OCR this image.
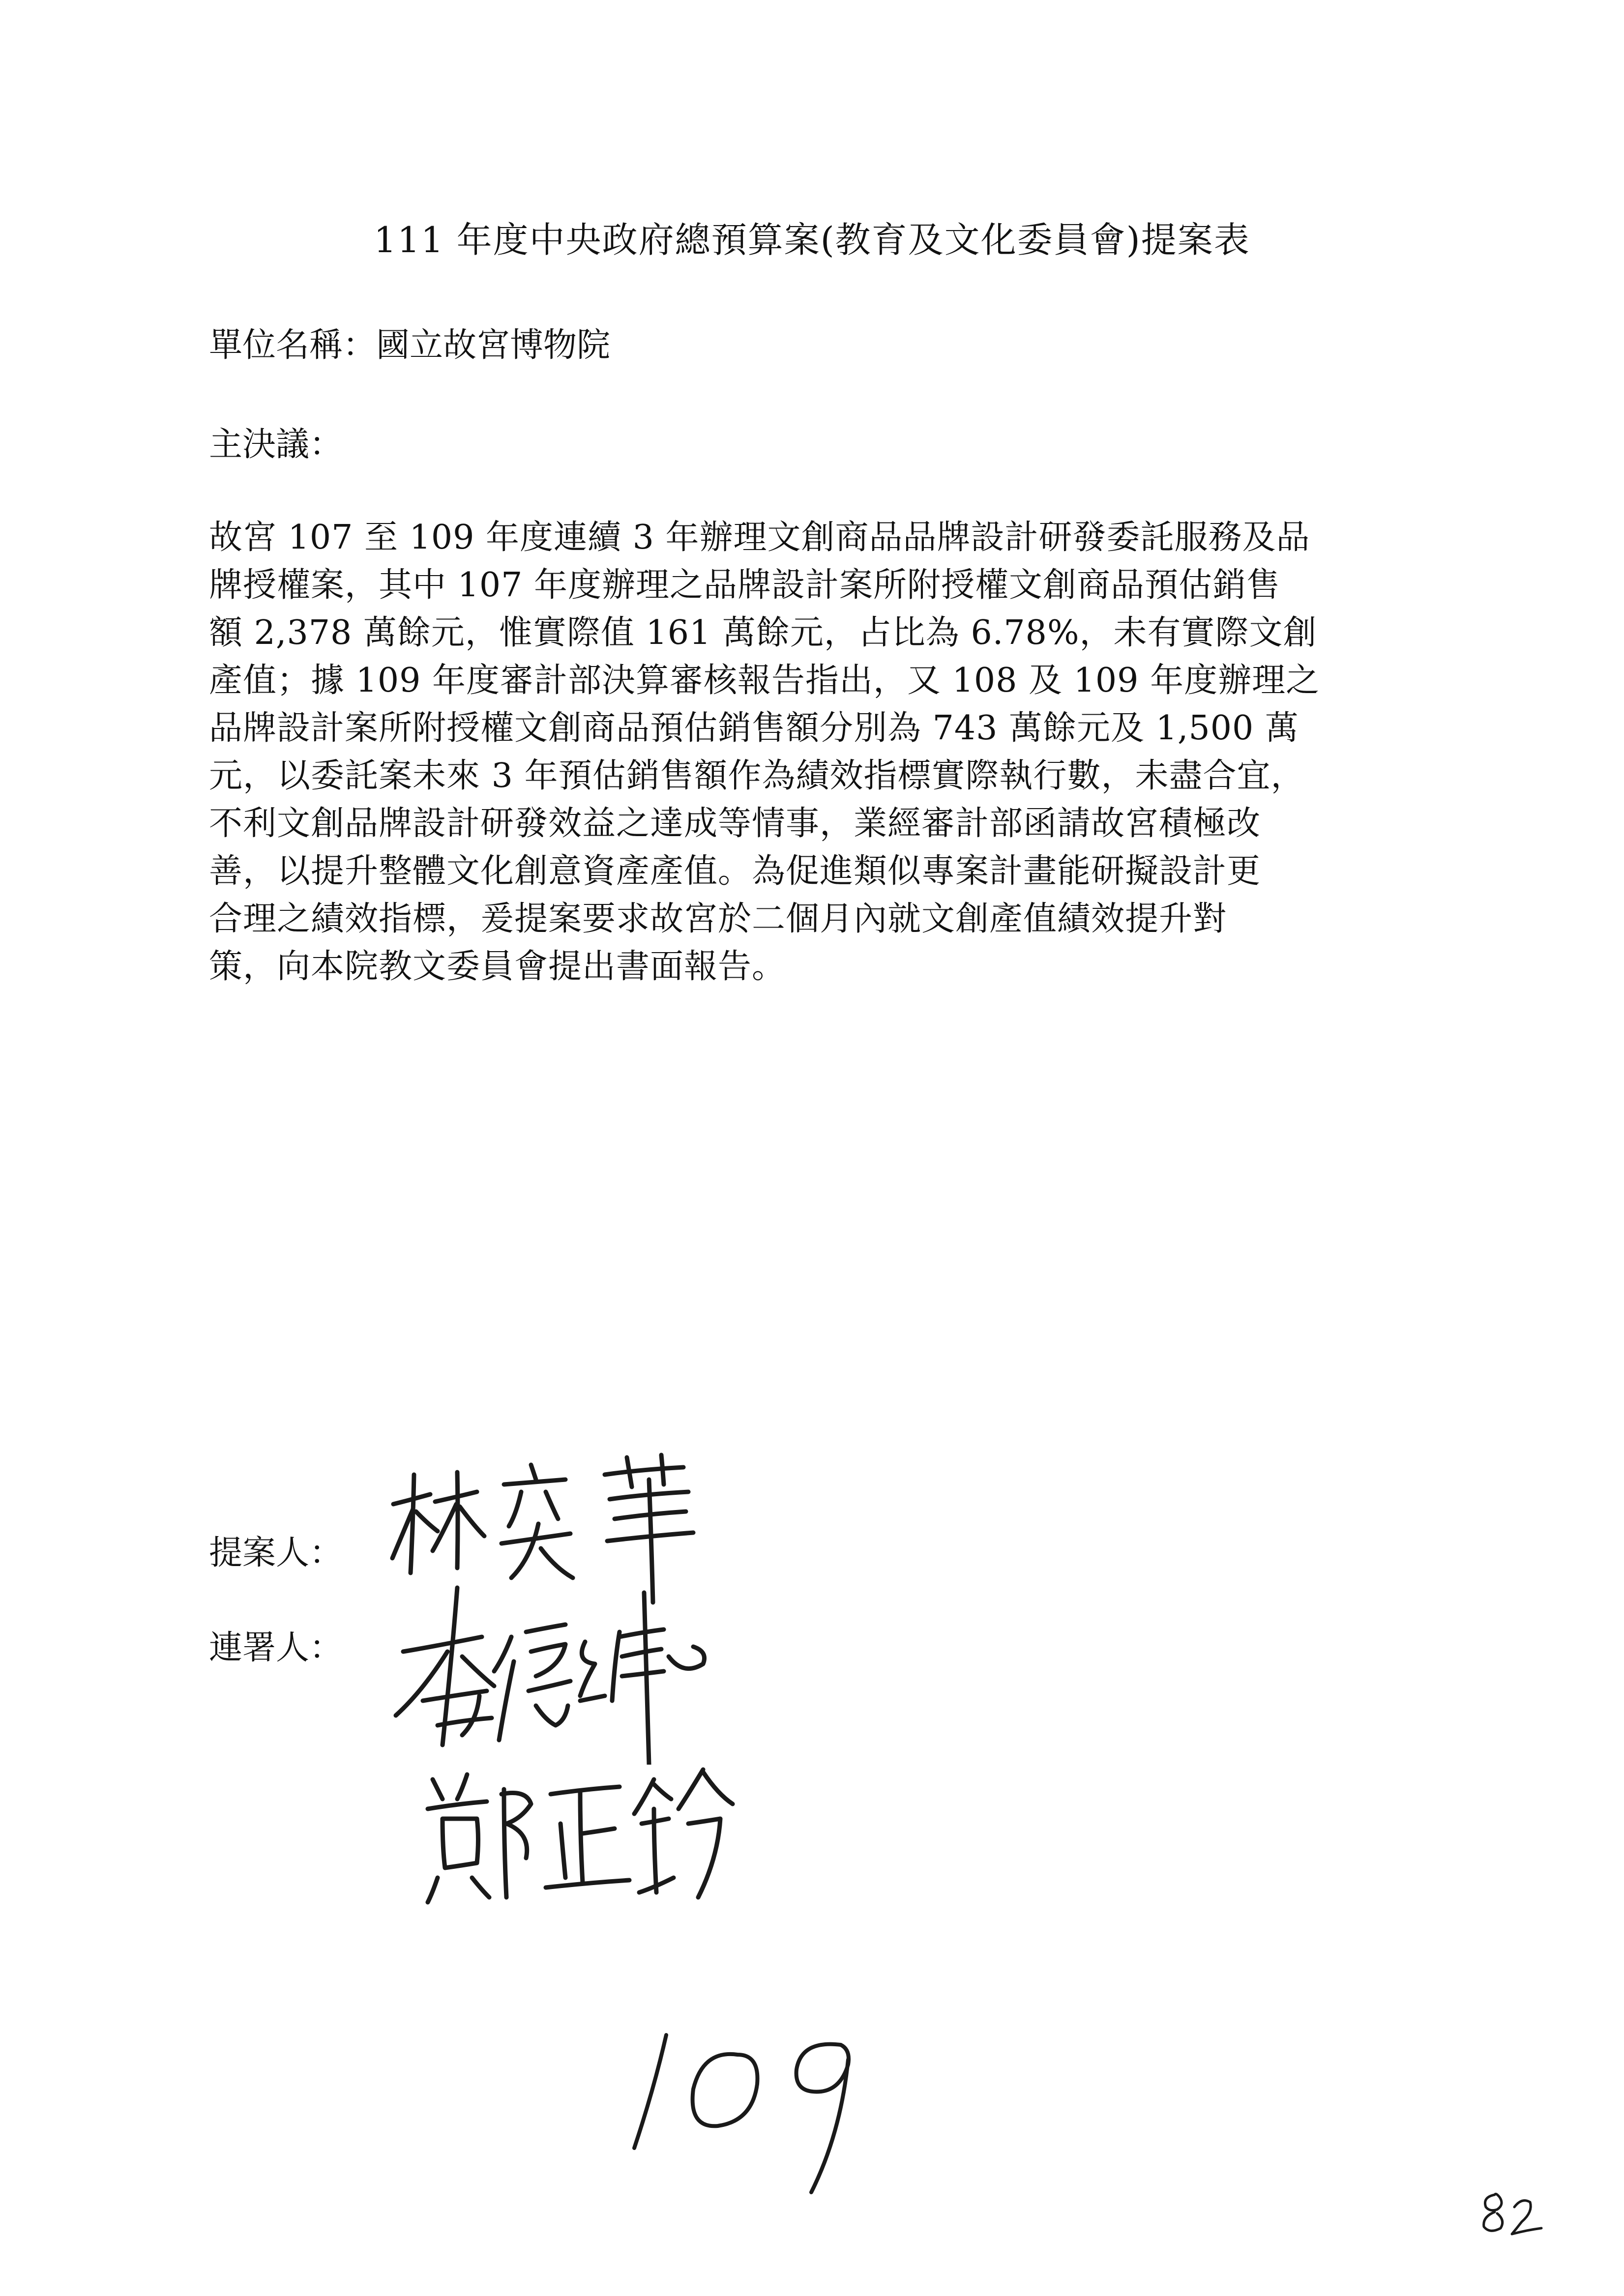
111 年度中央政府總預算案(教育及文化委員會)提案表
單位名稱：國立故宮博物院
主決議：
故宮 107 至 109 年度連續 3 年辦理文創商品品牌設計研發委託服務及品
牌授權案，其中 107 年度辦理之品牌設計案所附授權文創商品預估銷售
額 2,378 萬餘元，惟實際值 161 萬餘元，占比為 6.78%，未有實際文創
產值；據 109 年度審計部決算審核報告指出，又 108 及 109 年度辦理之
品牌設計案所附授權文創商品預估銷售額分別為 743 萬餘元及 1,500 萬
元，以委託案未來 3 年預估銷售額作為績效指標實際執行數，未盡合宜，
不利文創品牌設計研發效益之達成等情事，業經審計部函請故宮積極改
善，以提升整體文化創意資產產值。為促進類似專案計畫能研擬設計更
合理之績效指標，爰提案要求故宮於二個月內就文創產值績效提升對
策，向本院教文委員會提出書面報告。
提案人：
連署人：
